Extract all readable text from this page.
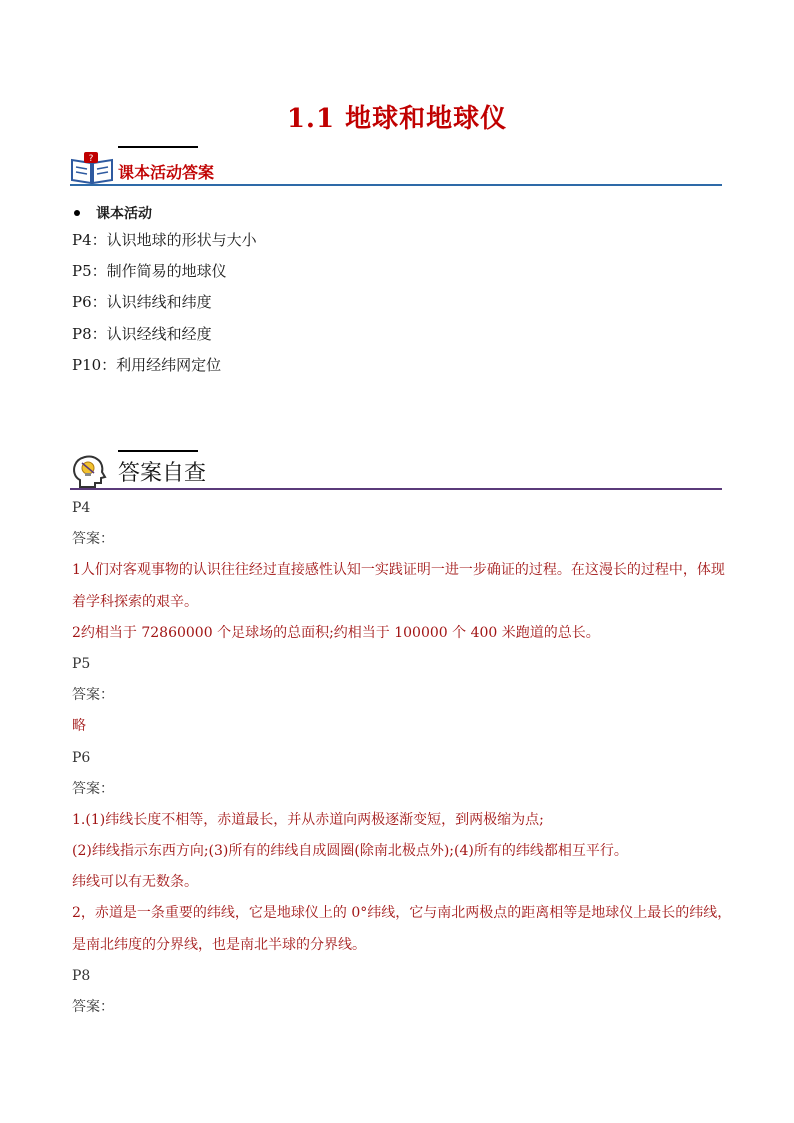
1.1 地球和地球仪
?
课本活动答案
课本活动
P4：认识地球的形状与大小
P5：制作简易的地球仪
P6：认识纬线和纬度
P8：认识经线和经度
P10：利用经纬网定位
答案自查
P4
答案：
1人们对客观事物的认识往往经过直接感性认知一实践证明一进一步确证的过程。在这漫长的过程中，体现
着学科探索的艰辛。
2约相当于 72860000 个足球场的总面积;约相当于 100000 个 400 米跑道的总长。
P5
答案：
略
P6
答案：
1.(1)纬线长度不相等，赤道最长，并从赤道向两极逐渐变短，到两极缩为点;
(2)纬线指示东西方向;(3)所有的纬线自成圆圈(除南北极点外);(4)所有的纬线都相互平行。
纬线可以有无数条。
2，赤道是一条重要的纬线，它是地球仪上的 0°纬线，它与南北两极点的距离相等是地球仪上最长的纬线，
是南北纬度的分界线，也是南北半球的分界线。
P8
答案：
